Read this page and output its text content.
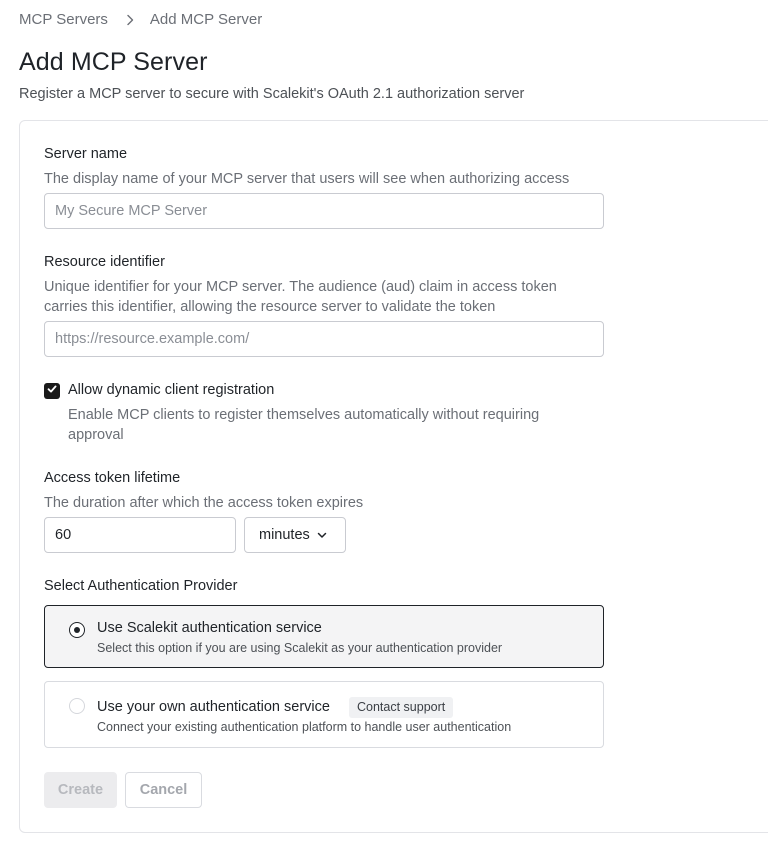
MCP Servers	Add MCP Server
Add MCP Server

Register a MCP server to secure with Scalekit's OAuth 2.1 authorization server

Server name
The display name of your MCP server that users will see when authorizing access
My Secure MCP Server
Resource identifier
Unique identifier for your MCP server. The audience (aud) claim in access token carries this identifier, allowing the resource server to validate the token
https://resource.example.com/
Allow dynamic client registration
Enable MCP clients to register themselves automatically without requiring approval
Access token lifetime
The duration after which the access token expires
60
minutes
Select Authentication Provider
Use Scalekit authentication service
Select this option if you are using Scalekit as your authentication provider
Use your own authentication service	Contact support
Connect your existing authentication platform to handle user authentication
Create	Cancel
